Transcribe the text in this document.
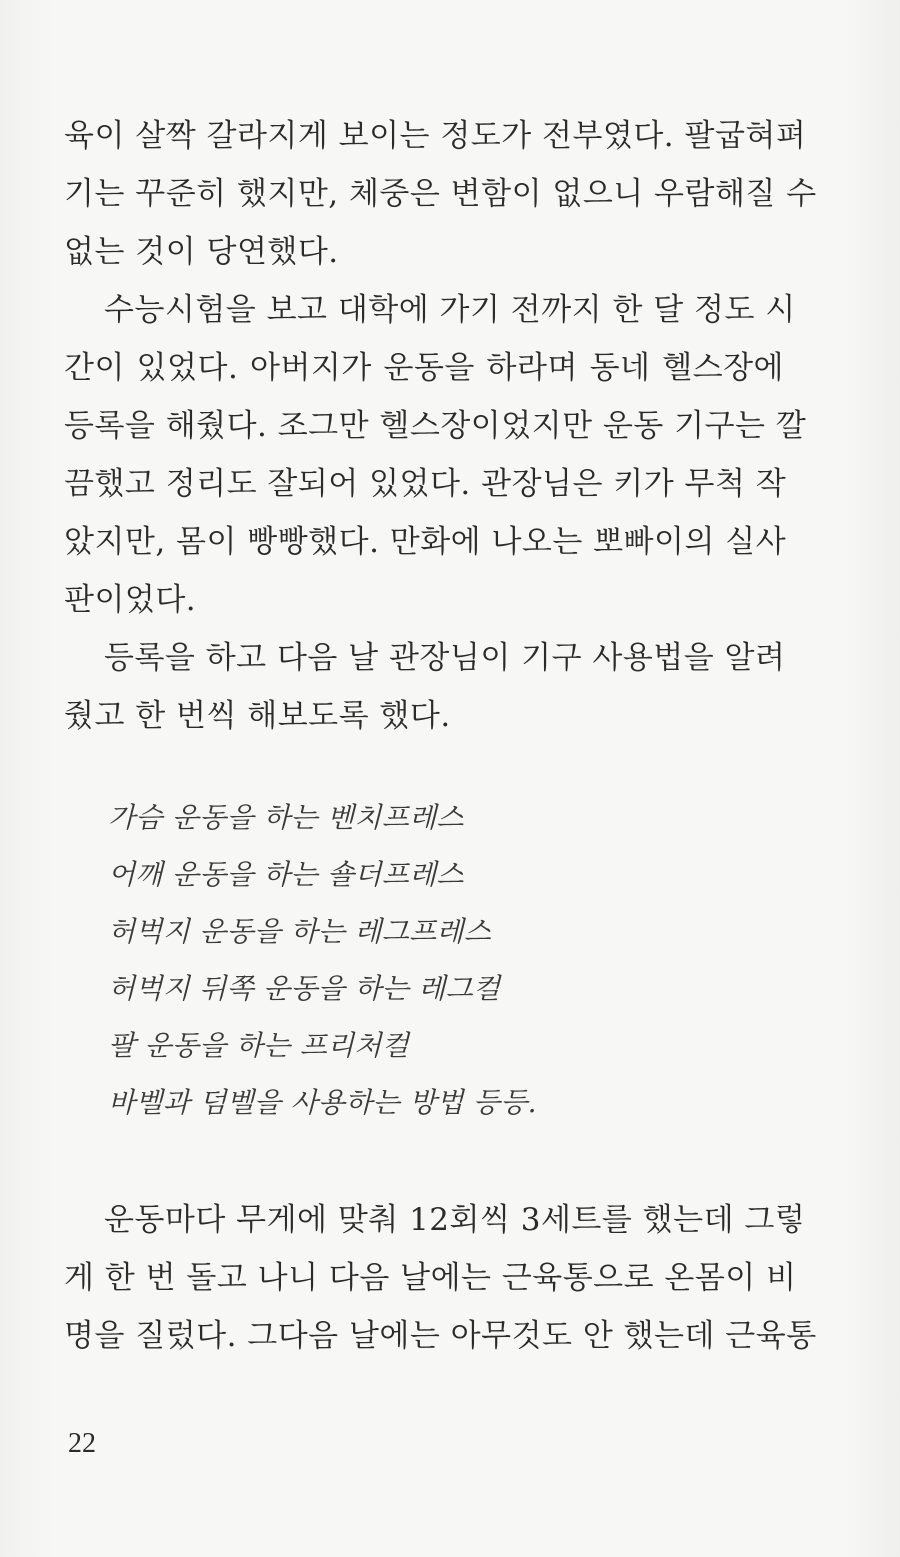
육이 살짝 갈라지게 보이는 정도가 전부였다. 팔굽혀펴
기는 꾸준히 했지만, 체중은 변함이 없으니 우람해질 수
없는 것이 당연했다.
수능시험을 보고 대학에 가기 전까지 한 달 정도 시
간이 있었다. 아버지가 운동을 하라며 동네 헬스장에
등록을 해줬다. 조그만 헬스장이었지만 운동 기구는 깔
끔했고 정리도 잘되어 있었다. 관장님은 키가 무척 작
았지만, 몸이 빵빵했다. 만화에 나오는 뽀빠이의 실사
판이었다.
등록을 하고 다음 날 관장님이 기구 사용법을 알려
줬고 한 번씩 해보도록 했다.
가슴 운동을 하는 벤치프레스
어깨 운동을 하는 숄더프레스
허벅지 운동을 하는 레그프레스
허벅지 뒤쪽 운동을 하는 레그컬
팔 운동을 하는 프리처컬
바벨과 덤벨을 사용하는 방법 등등.
운동마다 무게에 맞춰 12회씩 3세트를 했는데 그렇
게 한 번 돌고 나니 다음 날에는 근육통으로 온몸이 비
명을 질렀다. 그다음 날에는 아무것도 안 했는데 근육통
22
